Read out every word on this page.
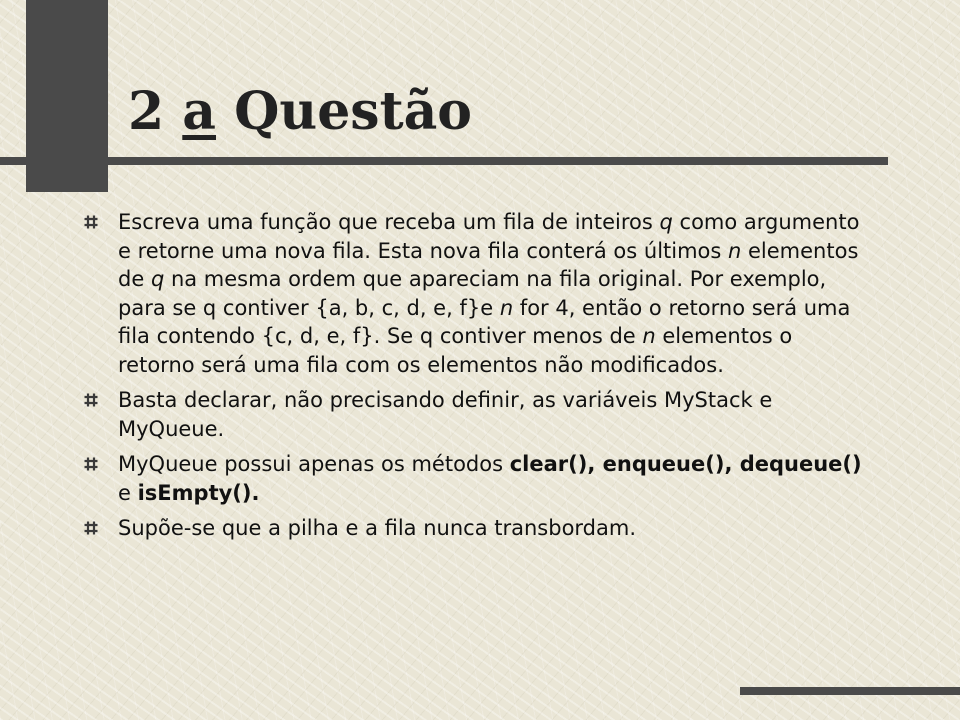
2 a Questão
Escreva uma função que receba um fila de inteiros q como argumento e retorne uma nova fila. Esta nova fila conterá os últimos n elementos de q na mesma ordem que apareciam na fila original. Por exemplo, para se q contiver {a, b, c, d, e, f}e n for 4, então o retorno será uma fila contendo {c, d, e, f}. Se q contiver menos de n elementos o retorno será uma fila com os elementos não modificados.
Basta declarar, não precisando definir, as variáveis MyStack e MyQueue.
MyQueue possui apenas os métodos clear(), enqueue(), dequeue() e isEmpty().
Supõe-se que a pilha e a fila nunca transbordam.
